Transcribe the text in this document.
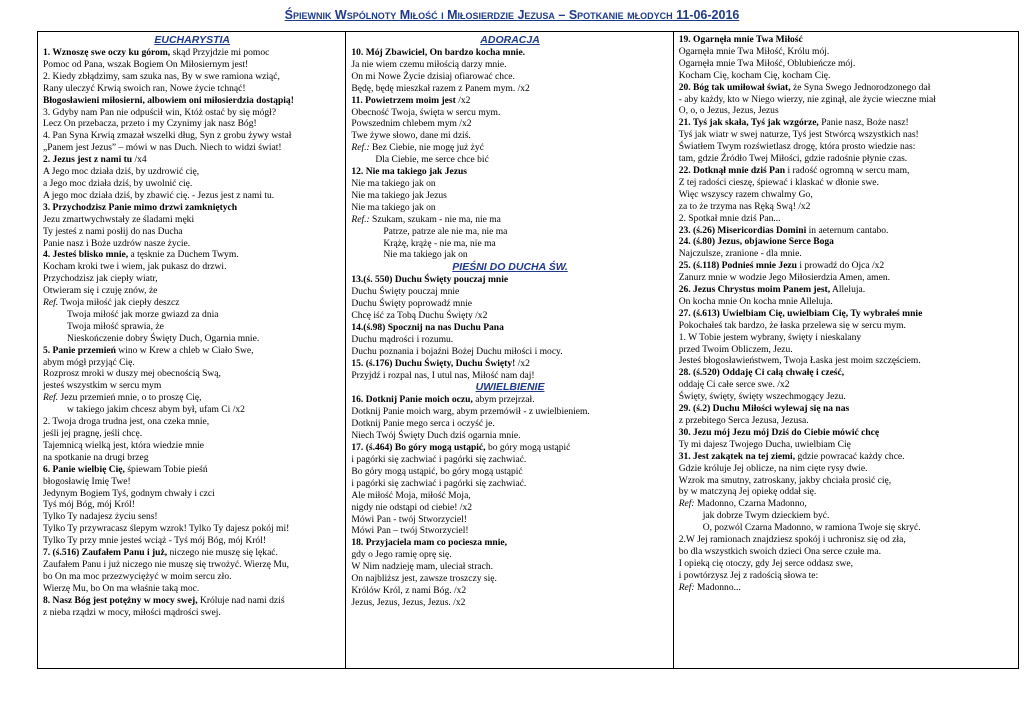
Śpiewnik Wspólnoty Miłość i Miłosierdzie Jezusa – Spotkanie młodych 11-06-2016
EUCHARYSTIA
1. Wznoszę swe oczy ku górom, skąd Przyjdzie mi pomoc
Pomoc od Pana, wszak Bogiem On Miłosiernym jest!
2. Kiedy zbłądzimy, sam szuka nas, By w swe ramiona wziąć,
Rany uleczyć Krwią swoich ran, Nowe życie tchnąć!
Błogosławieni miłosierni, albowiem oni miłosierdzia dostąpią!
3. Gdyby nam Pan nie odpuścił win, Któż ostać by się mógł?
Lecz On przebacza, przeto i my Czynimy jak nasz Bóg!
4. Pan Syna Krwią zmazał wszelki dług, Syn z grobu żywy wstał
„Panem jest Jezus” – mówi w nas Duch. Niech to widzi świat!
2. Jezus jest z nami tu /x4
A Jego moc działa dziś, by uzdrowić cię,
a Jego moc działa dziś, by uwolnić cię.
A jego moc działa dziś, by zbawić cię. - Jezus jest z nami tu.
3. Przychodzisz Panie mimo drzwi zamkniętych
Jezu zmartwychwstały ze śladami męki
Ty jesteś z nami posłij do nas Ducha
Panie nasz i Boże uzdrów nasze życie.
4. Jesteś blisko mnie, a tęsknie za Duchem Twym.
Kocham kroki twe i wiem, jak pukasz do drzwi.
Przychodzisz jak ciepły wiatr,
Otwieram się i czuję znów, że
Ref. Twoja miłość jak ciepły deszcz
Twoja miłość jak morze gwiazd za dnia
Twoja miłość sprawia, że
Nieskończenie dobry Święty Duch, Ogarnia mnie.
5. Panie przemień wino w Krew a chleb w Ciało Swe,
abym mógł przyjąć Cię.
Rozprosz mroki w duszy mej obecnością Swą,
jesteś wszystkim w sercu mym
Ref. Jezu przemień mnie, o to proszę Cię,
w takiego jakim chcesz abym był, ufam Ci /x2
2. Twoja droga trudna jest, ona czeka mnie,
jeśli jej pragnę, jeśli chcę.
Tajemnicą wielką jest, która wiedzie mnie
na spotkanie na drugi brzeg
6. Panie wielbię Cię, śpiewam Tobie pieśń
błogosławię Imię Twe!
Jedynym Bogiem Tyś, godnym chwały i czci
Tyś mój Bóg, mój Król!
Tylko Ty nadajesz życiu sens!
Tylko Ty przywracasz ślepym wzrok! Tylko Ty dajesz pokój mi!
Tylko Ty przy mnie jesteś wciąż - Tyś mój Bóg, mój Król!
7. (ś.516) Zaufałem Panu i już, niczego nie muszę się lękać.
Zaufałem Panu i już niczego nie muszę się trwożyć. Wierzę Mu,
bo On ma moc przezwyciężyć w moim sercu zło.
Wierzę Mu, bo On ma właśnie taką moc.
8. Nasz Bóg jest potężny w mocy swej, Króluje nad nami dziś
z nieba rządzi w mocy, miłości mądrości swej.
ADORACJA
10. Mój Zbawiciel, On bardzo kocha mnie.
Ja nie wiem czemu miłością darzy mnie.
On mi Nowe Życie dzisiaj ofiarować chce.
Będę, będę mieszkał razem z Panem mym. /x2
11. Powietrzem moim jest /x2
Obecność Twoja, święta w sercu mym.
Powszednim chlebem mym /x2
Twe żywe słowo, dane mi dziś.
Ref.: Bez Ciebie, nie mogę już żyć
Dla Ciebie, me serce chce bić
12. Nie ma takiego jak Jezus
Nie ma takiego jak on
Nie ma takiego jak Jezus
Nie ma takiego jak on
Ref.: Szukam, szukam - nie ma, nie ma
Patrze, patrze ale nie ma, nie ma
Krążę, krążę - nie ma, nie ma
Nie ma takiego jak on
PIEŚNI DO DUCHA ŚW.
13.(ś. 550) Duchu Święty pouczaj mnie
Duchu Święty pouczaj mnie
Duchu Święty poprowadź mnie
Chcę iść za Tobą Duchu Święty /x2
14.(ś.98) Spocznij na nas Duchu Pana
Duchu mądrości i rozumu.
Duchu poznania i bojaźni Bożej Duchu miłości i mocy.
15. (ś.176) Duchu Święty, Duchu Święty! /x2
Przyjdź i rozpal nas, I utul nas, Miłość nam daj!
UWIELBIENIE
16. Dotknij Panie moich oczu, abym przejrzał.
Dotknij Panie moich warg, abym przemówił - z uwielbieniem.
Dotknij Panie mego serca i oczyść je.
Niech Twój Święty Duch dziś ogarnia mnie.
17. (ś.464) Bo góry mogą ustąpić, bo góry mogą ustąpić
i pagórki się zachwiać i pagórki się zachwiać.
Bo góry mogą ustąpić, bo góry mogą ustąpić
i pagórki się zachwiać i pagórki się zachwiać.
Ale miłość Moja, miłość Moja,
nigdy nie odstąpi od ciebie! /x2
Mówi Pan - twój Stworzyciel!
Mówi Pan – twój Stworzyciel!
18. Przyjaciela mam co pociesza mnie,
gdy o Jego ramię oprę się.
W Nim nadzieję mam, uleciał strach.
On najbliższ jest, zawsze troszczy się.
Królów Król, z nami Bóg. /x2
Jezus, Jezus, Jezus, Jezus. /x2
19. Ogarnęła mnie Twa Miłość
Ogarnęła mnie Twa Miłość, Królu mój.
Ogarnęła mnie Twa Miłość, Oblubieńcze mój.
Kocham Cię, kocham Cię, kocham Cię.
20. Bóg tak umiłował świat, że Syna Swego Jednorodzonego dał
- aby każdy, kto w Niego wierzy, nie zginął, ale życie wieczne miał
O, o, o Jezus, Jezus, Jezus
21. Tyś jak skała, Tyś jak wzgórze, Panie nasz, Boże nasz!
Tyś jak wiatr w swej naturze, Tyś jest Stwórcą wszystkich nas!
Światłem Twym rozświetlasz drogę, która prosto wiedzie nas:
tam, gdzie Źródło Twej Miłości, gdzie radośnie płynie czas.
22. Dotknął mnie dziś Pan i radość ogromną w sercu mam,
Z tej radości cieszę, śpiewać i klaskać w dłonie swe.
Więc wszyscy razem chwalmy Go,
za to że trzyma nas Ręką Swą! /x2
2. Spotkał mnie dziś Pan...
23. (ś.26) Misericordias Domini in aeternum cantabo.
24. (ś.80) Jezus, objawione Serce Boga
Najczulsze, zranione - dla mnie.
25. (ś.118) Podnieś mnie Jezu i prowadź do Ojca /x2
Zanurz mnie w wodzie Jego Miłosierdzia Amen, amen.
26. Jezus Chrystus moim Panem jest, Alleluja.
On kocha mnie On kocha mnie Alleluja.
27. (ś.613) Uwielbiam Cię, uwielbiam Cię, Ty wybrałeś mnie
Pokochałeś tak bardzo, że łaska przelewa się w sercu mym.
1. W Tobie jestem wybrany, święty i nieskalany
przed Twoim Obliczem, Jezu.
Jesteś błogosławieństwem, Twoja Łaska jest moim szczęściem.
28. (ś.520) Oddaję Ci całą chwałę i cześć,
oddaję Ci całe serce swe. /x2
Święty, święty, święty wszechmogący Jezu.
29. (ś.2) Duchu Miłości wylewaj się na nas
z przebitego Serca Jezusa, Jezusa.
30. Jezu mój Jezu mój Dziś do Ciebie mówić chcę
Ty mi dajesz Twojego Ducha, uwielbiam Cię
31. Jest zakątek na tej ziemi, gdzie powracać każdy chce.
Gdzie króluje Jej oblicze, na nim cięte rysy dwie.
Wzrok ma smutny, zatroskany, jakby chciała prosić cię,
by w matczyną Jej opiekę oddał się.
Ref: Madonno, Czarna Madonno,
jak dobrze Twym dzieckiem być.
O, pozwól Czarna Madonno, w ramiona Twoje się skryć.
2.W Jej ramionach znajdziesz spokój i uchronisz się od zła,
bo dla wszystkich swoich dzieci Ona serce czułe ma.
I opieką cię otoczy, gdy Jej serce oddasz swe,
i powtórzysz Jej z radością słowa te:
Ref: Madonno...
